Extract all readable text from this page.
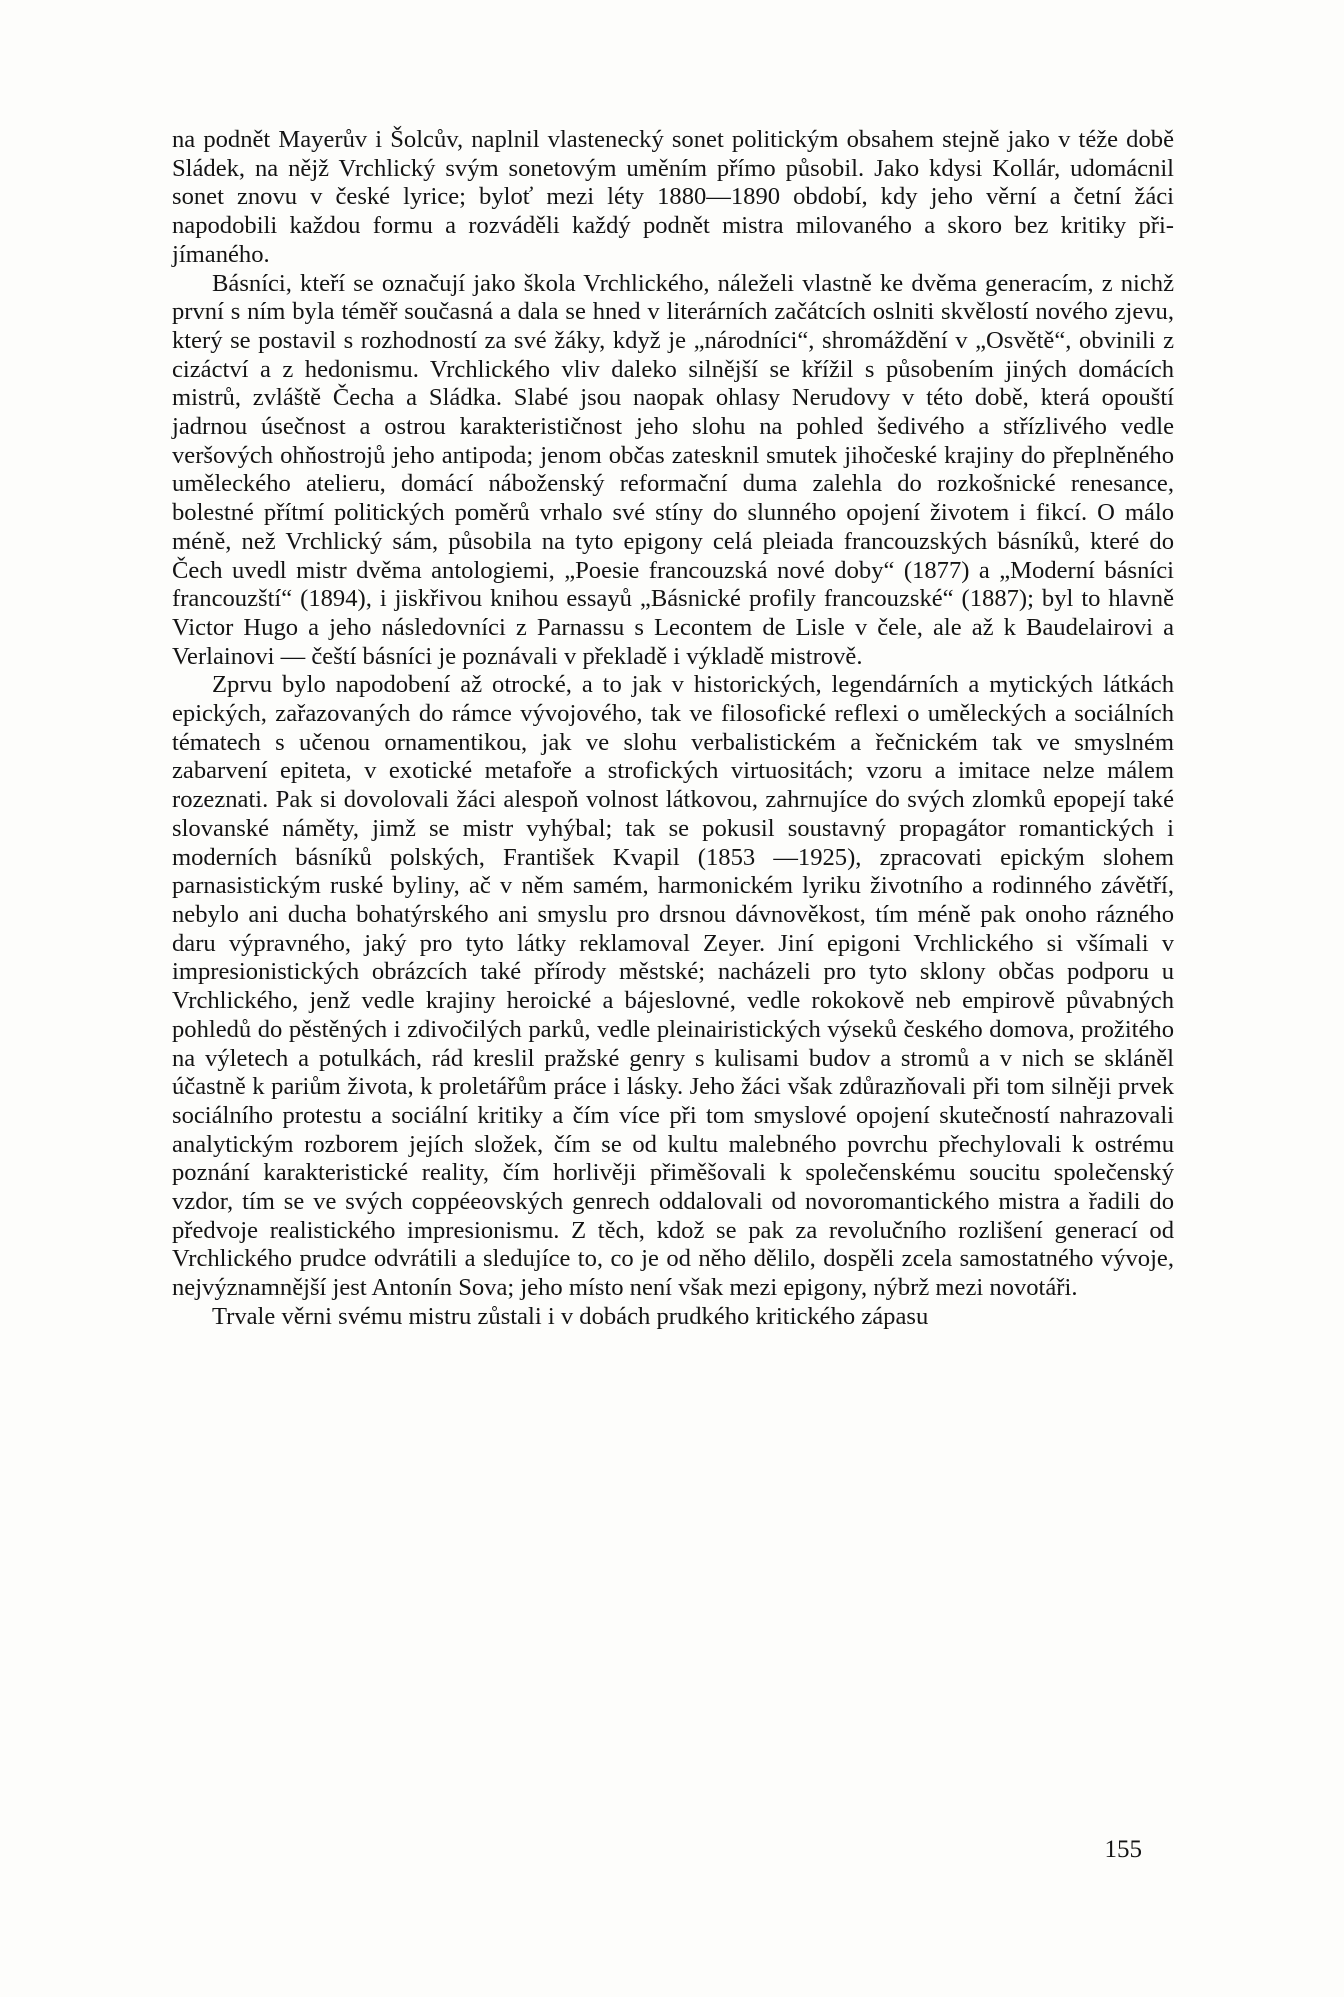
na podnět Mayerův i Šolcův, naplnil vlastenecký sonet politickým obsahem stejně jako v téže době Sládek, na nějž Vrchlický svým sonetovým uměním přímo působil. Jako kdysi Kollár, udomácnil sonet znovu v české lyrice; byloť mezi léty 1880—1890 období, kdy jeho věrní a četní žáci napodobili každou formu a rozváděli každý podnět mistra milovaného a skoro bez kritiky přijímaného.

Básníci, kteří se označují jako škola Vrchlického, náleželi vlastně ke dvěma generacím, z nichž první s ním byla téměř současná a dala se hned v literárních začátcích oslniti skvělostí nového zjevu, který se postavil s rozhodností za své žáky, když je „národníci“, shromáždění v „Osvětě“, obvinili z cizáctví a z hedonismu. Vrchlického vliv daleko silnější se křížil s působením jiných domácích mistrů, zvláště Čecha a Sládka. Slabé jsou naopak ohlasy Nerudovy v této době, která opouští jadrnou úsečnost a ostrou karakterističnost jeho slohu na pohled šedivého a střízlivého vedle veršových ohňostrojů jeho antipoda; jenom občas zatesknil smutek jihočeské krajiny do přeplněného uměleckého atelieru, domácí náboženský reformační duma zalehla do rozkošnické renesance, bolestné přítmí politických poměrů vrhalo své stíny do slunného opojení životem i fikcí. O málo méně, než Vrchlický sám, působila na tyto epigony celá pleiada francouzských básníků, které do Čech uvedl mistr dvěma antologiemi, „Poesie francouzská nové doby“ (1877) a „Moderní básníci francouzští“ (1894), i jiskřivou knihou essayů „Básnické profily francouzské“ (1887); byl to hlavně Victor Hugo a jeho následovníci z Parnassu s Lecontem de Lisle v čele, ale až k Baudelairovi a Verlainovi — čeští básníci je poznávali v překladě i výkladě mistrově.

Zprvu bylo napodobení až otrocké, a to jak v historických, legendárních a mytických látkách epických, zařazovaných do rámce vývojového, tak ve filosofické reflexi o uměleckých a sociálních tématech s učenou ornamentikou, jak ve slohu verbalistickém a řečnickém tak ve smyslném zabarvení epiteta, v exotické metafoře a strofických virtuositách; vzoru a imitace nelze málem rozeznati. Pak si dovolovali žáci alespoň volnost látkovou, zahrnujíce do svých zlomků epopejí také slovanské náměty, jimž se mistr vyhýbal; tak se pokusil soustavný propagátor romantických i moderních básníků polských, František Kvapil (1853 —1925), zpracovati epickým slohem parnasistickým ruské byliny, ač v něm samém, harmonickém lyriku životního a rodinného závětří, nebylo ani ducha bohatýrského ani smyslu pro drsnou dávnověkost, tím méně pak onoho rázného daru výpravného, jaký pro tyto látky reklamoval Zeyer. Jiní epigoni Vrchlického si všímali v impresionistických obrázcích také přírody městské; nacházeli pro tyto sklony občas podporu u Vrchlického, jenž vedle krajiny heroické a bájeslovné, vedle rokokově neb empirově půvabných pohledů do pěstěných i zdivočilých parků, vedle pleinairistických výseků českého domova, prožitého na výletech a potulkách, rád kreslil pražské genry s kulisami budov a stromů a v nich se skláněl účastně k pariům života, k proletářům práce i lásky. Jeho žáci však zdůrazňovali při tom silněji prvek sociálního protestu a sociální kritiky a čím více při tom smyslové opojení skutečností nahrazovali analytickým rozborem jejích složek, čím se od kultu malebného povrchu přechylovali k ostrému poznání karakteristické reality, čím horlivěji přiměšovali k společenskému soucitu společenský vzdor, tím se ve svých coppéeovských genrech oddalovali od novoromantického mistra a řadili do předvoje realistického impresionismu. Z těch, kdož se pak za revolučního rozlišení generací od Vrchlického prudce odvrátili a sledujíce to, co je od něho dělilo, dospěli zcela samostatného vývoje, nejvýznamnější jest Antonín Sova; jeho místo není však mezi epigony, nýbrž mezi novotáři.

Trvale věrni svému mistru zůstali i v dobách prudkého kritického zápasu

155
